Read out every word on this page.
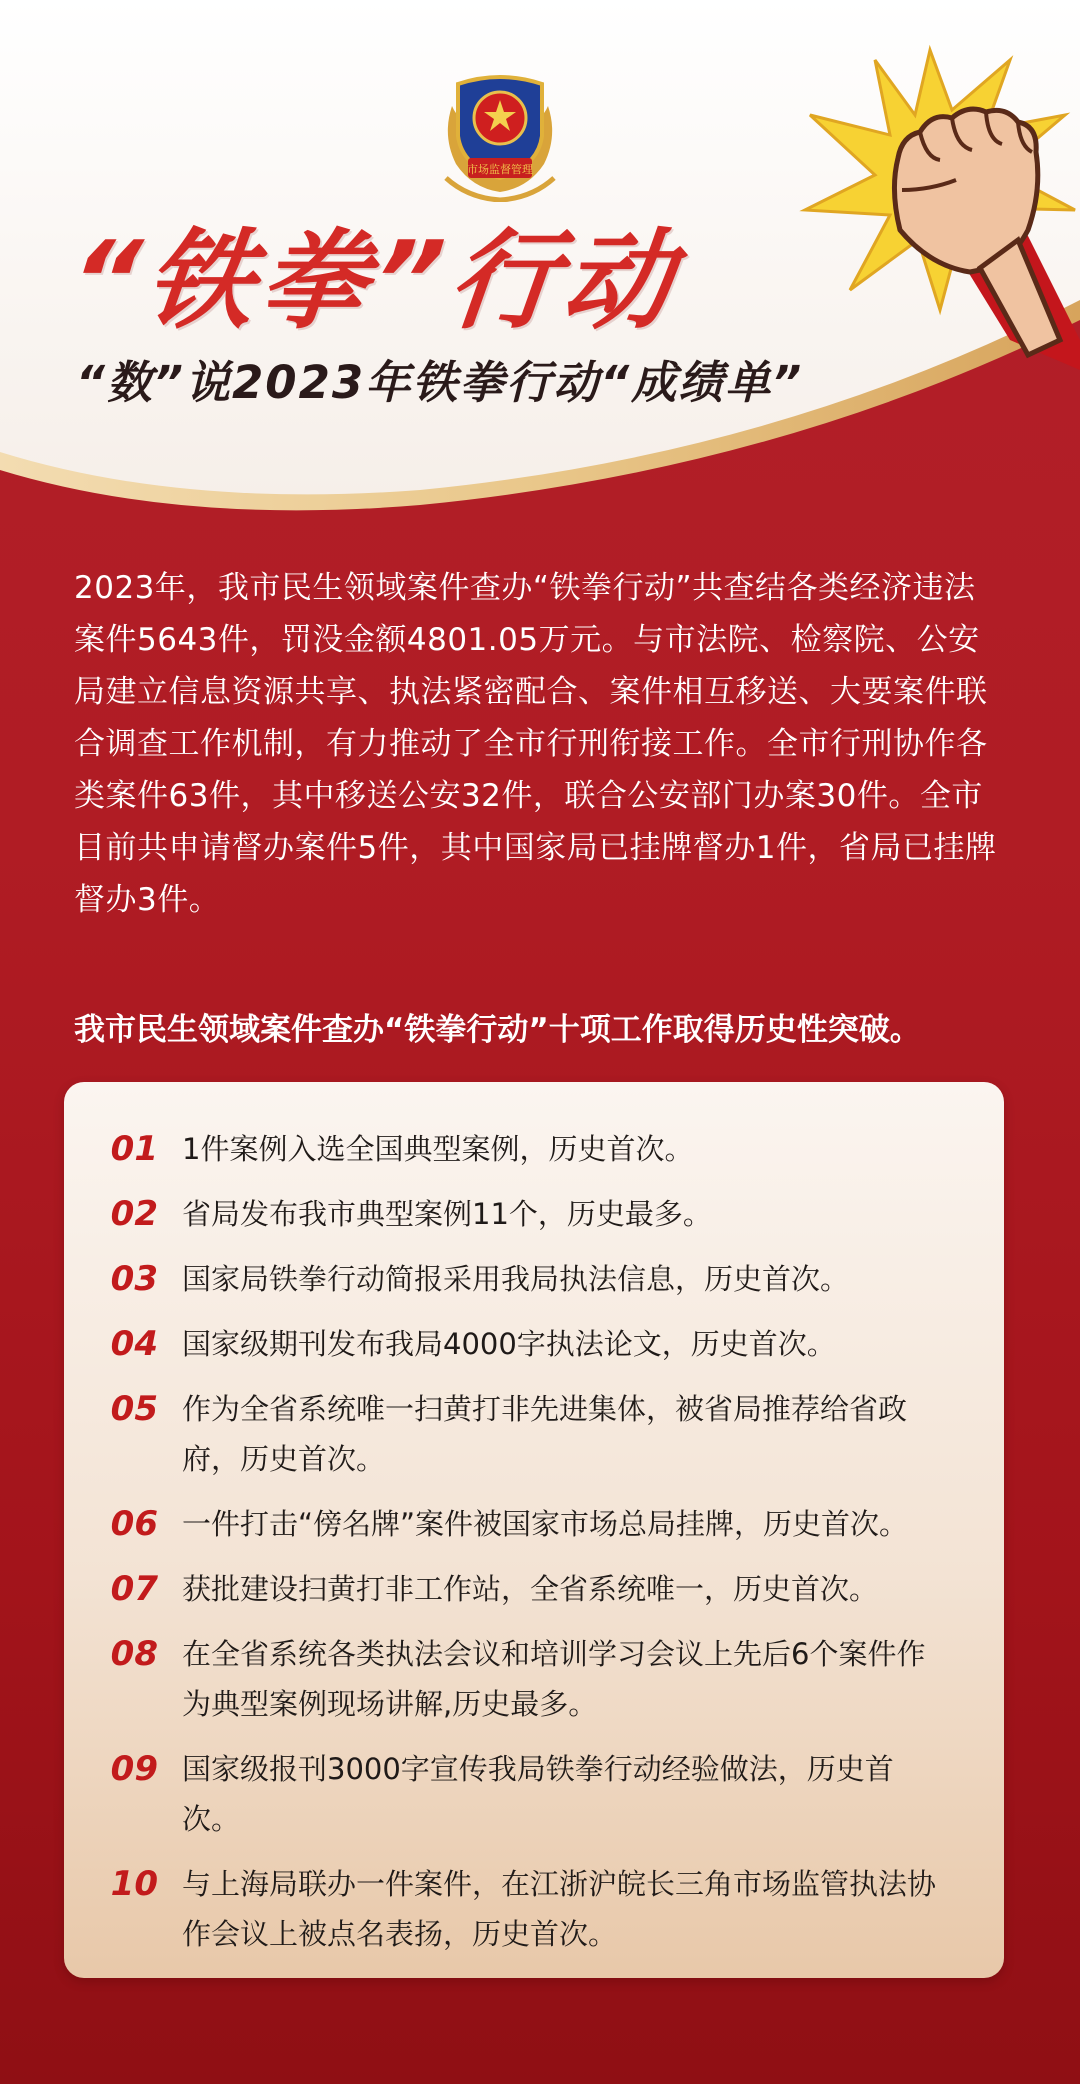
市场监督管理
“铁拳”行动
“数”说2023年铁拳行动“成绩单”
2023年，我市民生领域案件查办“铁拳行动”共查结各类经济违法案件5643件，罚没金额4801.05万元。与市法院、检察院、公安局建立信息资源共享、执法紧密配合、案件相互移送、大要案件联合调查工作机制，有力推动了全市行刑衔接工作。全市行刑协作各类案件63件，其中移送公安32件，联合公安部门办案30件。全市目前共申请督办案件5件，其中国家局已挂牌督办1件，省局已挂牌督办3件。
我市民生领域案件查办“铁拳行动”十项工作取得历史性突破。
01 1件案例入选全国典型案例，历史首次。
02 省局发布我市典型案例11个，历史最多。
03 国家局铁拳行动简报采用我局执法信息，历史首次。
04 国家级期刊发布我局4000字执法论文，历史首次。
05 作为全省系统唯一扫黄打非先进集体，被省局推荐给省政府，历史首次。
06 一件打击“傍名牌”案件被国家市场总局挂牌，历史首次。
07 获批建设扫黄打非工作站，全省系统唯一，历史首次。
08 在全省系统各类执法会议和培训学习会议上先后6个案件作为典型案例现场讲解,历史最多。
09 国家级报刊3000字宣传我局铁拳行动经验做法，历史首次。
10 与上海局联办一件案件，在江浙沪皖长三角市场监管执法协作会议上被点名表扬，历史首次。
